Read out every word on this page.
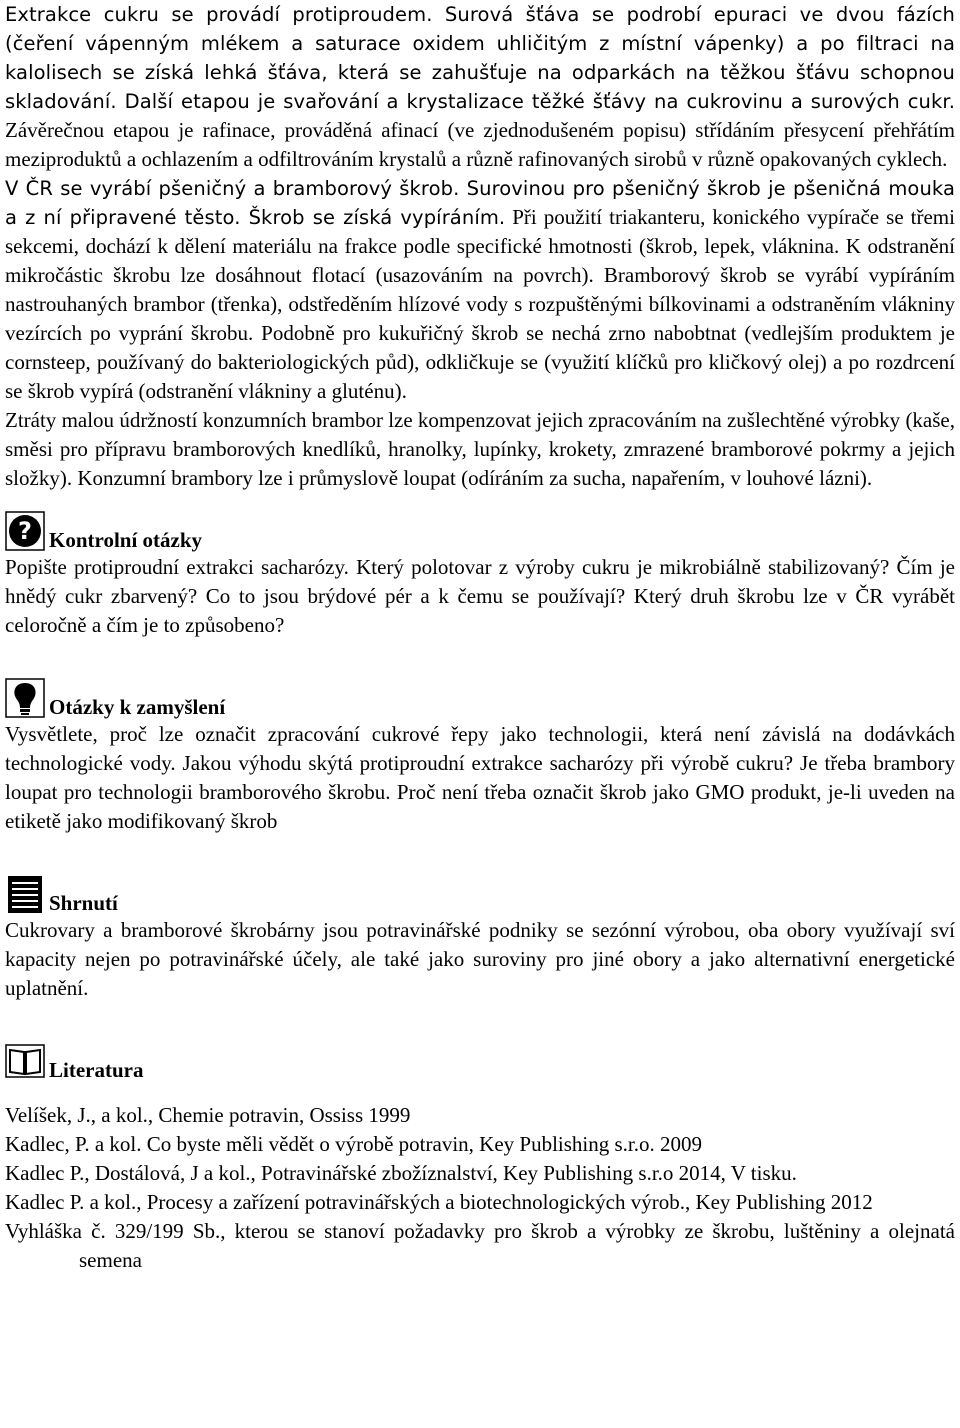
Extrakce cukru se provádí protiproudem. Surová šťáva se podrobí epuraci ve dvou fázích (čeření vápenným mlékem a saturace oxidem uhličitým z místní vápenky) a po filtraci na kalolisech se získá lehká šťáva, která se zahušťuje na odparkách na těžkou šťávu schopnou skladování. Další etapou je svařování a krystalizace těžké šťávy na cukrovinu a surových cukr. Závěrečnou etapou je rafinace, prováděná afinací (ve zjednodušeném popisu) střídáním přesycení přehřátím meziproduktů a ochlazením a odfiltrováním krystalů a různě rafinovaných sirobů v různě opakovaných cyklech.

V ČR se vyrábí pšeničný a bramborový škrob. Surovinou pro pšeničný škrob je pšeničná mouka a z ní připravené těsto. Škrob se získá vypíráním. Při použití triakanteru, konického vypírače se třemi sekcemi, dochází k dělení materiálu na frakce podle specifické hmotnosti (škrob, lepek, vláknina. K odstranění mikročástic škrobu lze dosáhnout flotací (usazováním na povrch). Bramborový škrob se vyrábí vypíráním nastrouhaných brambor (třenka), odstředěním hlízové vody s rozpuštěnými bílkovinami a odstraněním vlákniny vezírcích po vyprání škrobu. Podobně pro kukuřičný škrob se nechá zrno nabobtnat (vedlejším produktem je cornsteep, používaný do bakteriologických půd), odkličkuje se (využití klíčků pro kličkový olej) a po rozdrcení se škrob vypírá (odstranění vlákniny a gluténu).

Ztráty malou údržností konzumních brambor lze kompenzovat jejich zpracováním na zušlechtěné výrobky (kaše, směsi pro přípravu bramborových knedlíků, hranolky, lupínky, krokety, zmrazené bramborové pokrmy a jejich složky). Konzumní brambory lze i průmyslově loupat (odíráním za sucha, napařením, v louhové lázni).

? Kontrolní otázky

Popište protiproudní extrakci sacharózy. Který polotovar z výroby cukru je mikrobiálně stabilizovaný? Čím je hnědý cukr zbarvený? Co to jsou brýdové pér a k čemu se používají? Který druh škrobu lze v ČR vyrábět celoročně a čím je to způsobeno?

Otázky k zamyšlení

Vysvětlete, proč lze označit zpracování cukrové řepy jako technologii, která není závislá na dodávkách technologické vody. Jakou výhodu skýtá protiproudní extrakce sacharózy při výrobě cukru? Je třeba brambory loupat pro technologii bramborového škrobu. Proč není třeba označit škrob jako GMO produkt, je-li uveden na etiketě jako modifikovaný škrob

Shrnutí

Cukrovary a bramborové škrobárny jsou potravinářské podniky se sezónní výrobou, oba obory využívají sví kapacity nejen po potravinářské účely, ale také jako suroviny pro jiné obory a jako alternativní energetické uplatnění.

Literatura

Velíšek, J., a kol., Chemie potravin, Ossiss 1999

Kadlec, P. a kol. Co byste měli vědět o výrobě potravin, Key Publishing s.r.o. 2009

Kadlec P., Dostálová, J a kol., Potravinářské zbožíznalství, Key Publishing s.r.o 2014, V tisku.

Kadlec P. a kol., Procesy a zařízení potravinářských a biotechnologických výrob., Key Publishing 2012

Vyhláška č. 329/199 Sb., kterou se stanoví požadavky pro škrob a výrobky ze škrobu, luštěniny a olejnatá semena
